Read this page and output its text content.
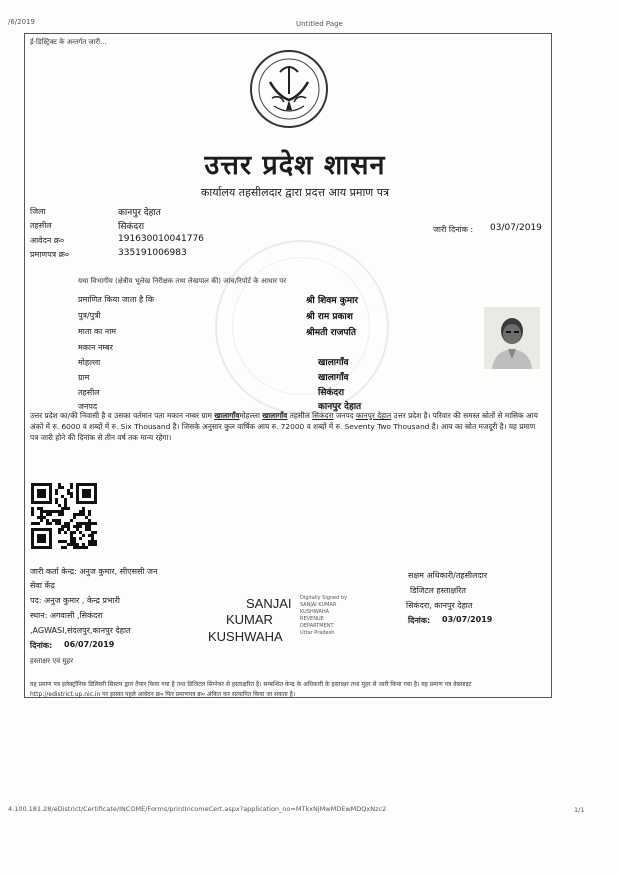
/6/2019	Untitled Page
ई-डिस्ट्रिक्ट के अन्तर्गत जारी...
उत्तर प्रदेश शासन
कार्यालय तहसीलदार द्वारा प्रदत्त आय प्रमाण पत्र
जिला	कानपुर देहात
तहसील	सिकंदरा
आवेदन क्र०	191630010041776
प्रमाणपत्र क्र०	335191006983
जारी दिनांक : 03/07/2019
यथा विभागीय (क्षेत्रीय भूलेख निरीक्षक तथा लेखपाल की) जांच/रिपोर्ट के आधार पर
प्रमाणित किया जाता है कि	श्री शिवम कुमार
पुत्र/पुत्री	श्री राम प्रकाश
माता का नाम	श्रीमती राजपति
मकान नम्बर
मोहल्ला	खालागाँव
ग्राम	खालागाँव
तहसील	सिकंदरा
जनपद	कानपुर देहात
उत्तर प्रदेश का/की निवासी है व उसका वर्तमान पता मकान नम्बर ग्राम खालागाँवमोहल्ला खालागाँव तहसील सिकंदरा जनपद कानपुर देहात उत्तर प्रदेश है। परिवार की समस्त स्रोतों से मासिक आय अंकों में रु. 6000 व शब्दों में रु. Six Thousand है। जिसके अनुसार कुल वार्षिक आय रु. 72000 व शब्दों में रु. Seventy Two Thousand है। आय का स्रोत मजदूरी है। यह प्रमाण पत्र जारी होने की दिनांक से तीन वर्ष तक मान्य रहेगा।
जारी कर्ता केन्द्र: अनुज कुमार, सीएससी जन
सेवा केंद्र
पद: अनुज कुमार , केन्द्र प्रभारी
स्थान: अगवासी ,सिकंदरा
,AGWASI,संदलपुर,कानपुर देहात
दिनांक: 06/07/2019
हस्ताक्षर एवं मुहर
SANJAI
KUMAR
KUSHWAHA
Digitally Signed by
SANJAI KUMAR
KUSHWAHA
REVENUE
DEPARTMENT
Uttar Pradesh
सक्षम अधिकारी/तहसीलदार
डिजिटल हस्ताक्षरित
सिकंदरा, कानपुर देहात
दिनांक: 03/07/2019
यह प्रमाण पत्र इलेक्ट्रॉनिक डिलिवरी सिस्टम द्वारा तैयार किया गया है तथा डिजिटल सिग्नेचर से हस्ताक्षरित है। सम्बन्धित केन्द्र के अधिकारी के हस्ताक्षर तथा मुहर से जारी किया गया है। यह प्रमाण पत्र वेबसाइट http://edistrict.up.nic.in पर इसका पहले आवेदन क्र० फिर प्रमाणपत्र क्र० अंकित कर सत्यापित किया जा सकता है।
4.100.181.28/eDistrict/Certificate/INCOME/Forms/printIncomeCert.aspx?application_no=MTkxNjMwMDEwMDQxNzc2	1/1
